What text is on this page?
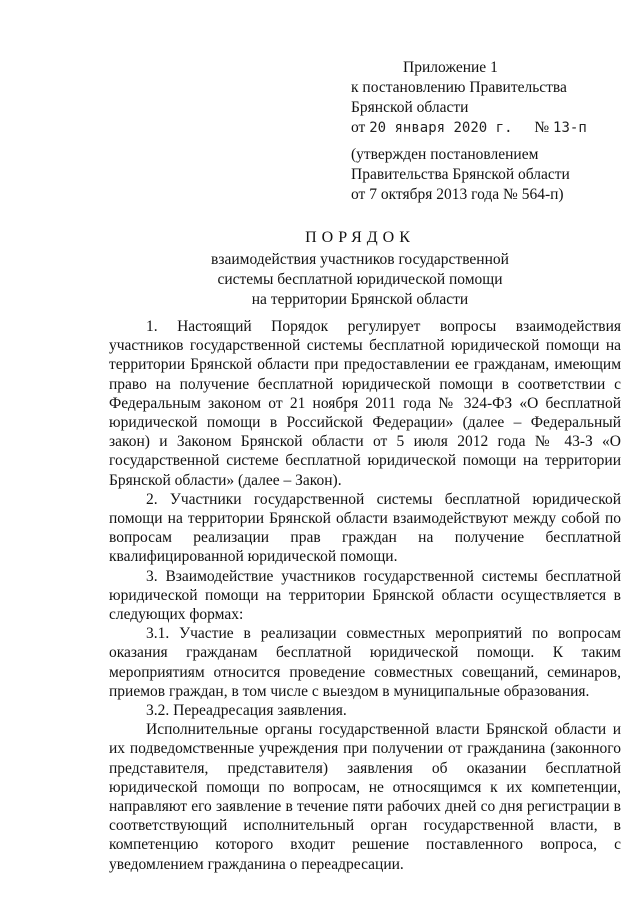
Приложение 1
к постановлению Правительства
Брянской области
от 20 января 2020 г. № 13-п
(утвержден постановлением
Правительства Брянской области
от 7 октября 2013 года № 564-п)
ПОРЯДОК
взаимодействия участников государственной
системы бесплатной юридической помощи
на территории Брянской области

1. Настоящий Порядок регулирует вопросы взаимодействия участников государственной системы бесплатной юридической помощи на территории Брянской области при предоставлении ее гражданам, имеющим право на получение бесплатной юридической помощи в соответствии с Федеральным законом от 21 ноября 2011 года № 324-ФЗ «О бесплатной юридической помощи в Российской Федерации» (далее – Федеральный закон) и Законом Брянской области от 5 июля 2012 года № 43-З «О государственной системе бесплатной юридической помощи на территории Брянской области» (далее – Закон).

2. Участники государственной системы бесплатной юридической помощи на территории Брянской области взаимодействуют между собой по вопросам реализации прав граждан на получение бесплатной квалифицированной юридической помощи.

3. Взаимодействие участников государственной системы бесплатной юридической помощи на территории Брянской области осуществляется в следующих формах:

3.1. Участие в реализации совместных мероприятий по вопросам оказания гражданам бесплатной юридической помощи. К таким мероприятиям относится проведение совместных совещаний, семинаров, приемов граждан, в том числе с выездом в муниципальные образования.

3.2. Переадресация заявления.

Исполнительные органы государственной власти Брянской области и их подведомственные учреждения при получении от гражданина (законного представителя, представителя) заявления об оказании бесплатной юридической помощи по вопросам, не относящимся к их компетенции, направляют его заявление в течение пяти рабочих дней со дня регистрации в соответствующий исполнительный орган государственной власти, в компетенцию которого входит решение поставленного вопроса, с уведомлением гражданина о переадресации.
